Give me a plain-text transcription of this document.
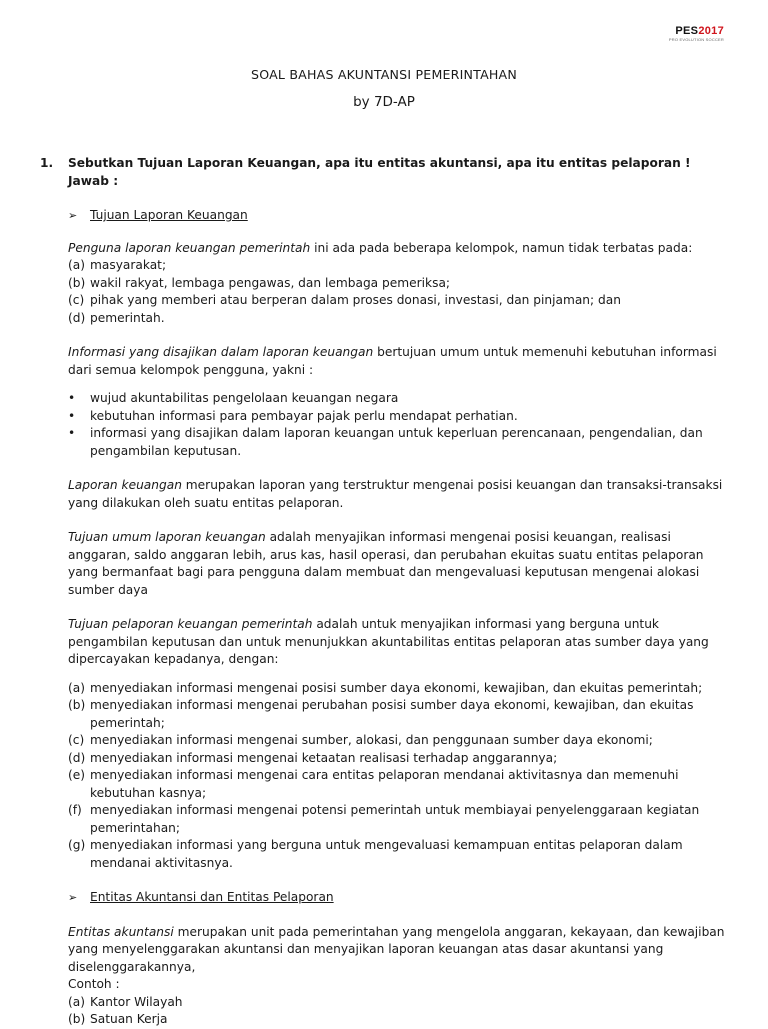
PES2017
PRO EVOLUTION SOCCER
SOAL BAHAS AKUNTANSI PEMERINTAHAN
by 7D-AP
1.	Sebutkan Tujuan Laporan Keuangan, apa itu entitas akuntansi, apa itu entitas pelaporan !
Jawab :
➢	Tujuan Laporan Keuangan
Penguna laporan keuangan pemerintah ini ada pada beberapa kelompok, namun tidak terbatas pada:
(a) masyarakat;
(b) wakil rakyat, lembaga pengawas, dan lembaga pemeriksa;
(c) pihak yang memberi atau berperan dalam proses donasi, investasi, dan pinjaman; dan
(d) pemerintah.
Informasi yang disajikan dalam laporan keuangan bertujuan umum untuk memenuhi kebutuhan informasi dari semua kelompok pengguna, yakni :
•	wujud akuntabilitas pengelolaan keuangan negara
•	kebutuhan informasi para pembayar pajak perlu mendapat perhatian.
•	informasi yang disajikan dalam laporan keuangan untuk keperluan perencanaan, pengendalian, dan pengambilan keputusan.
Laporan keuangan merupakan laporan yang terstruktur mengenai posisi keuangan dan transaksi-transaksi yang dilakukan oleh suatu entitas pelaporan.
Tujuan umum laporan keuangan adalah menyajikan informasi mengenai posisi keuangan, realisasi anggaran, saldo anggaran lebih, arus kas, hasil operasi, dan perubahan ekuitas suatu entitas pelaporan yang bermanfaat bagi para pengguna dalam membuat dan mengevaluasi keputusan mengenai alokasi sumber daya
Tujuan pelaporan keuangan pemerintah adalah untuk menyajikan informasi yang berguna untuk pengambilan keputusan dan untuk menunjukkan akuntabilitas entitas pelaporan atas sumber daya yang dipercayakan kepadanya, dengan:
(a) menyediakan informasi mengenai posisi sumber daya ekonomi, kewajiban, dan ekuitas pemerintah;
(b) menyediakan informasi mengenai perubahan posisi sumber daya ekonomi, kewajiban, dan ekuitas pemerintah;
(c) menyediakan informasi mengenai sumber, alokasi, dan penggunaan sumber daya ekonomi;
(d) menyediakan informasi mengenai ketaatan realisasi terhadap anggarannya;
(e) menyediakan informasi mengenai cara entitas pelaporan mendanai aktivitasnya dan memenuhi kebutuhan kasnya;
(f) menyediakan informasi mengenai potensi pemerintah untuk membiayai penyelenggaraan kegiatan pemerintahan;
(g) menyediakan informasi yang berguna untuk mengevaluasi kemampuan entitas pelaporan dalam mendanai aktivitasnya.
➢	Entitas Akuntansi dan Entitas Pelaporan
Entitas akuntansi merupakan unit pada pemerintahan yang mengelola anggaran, kekayaan, dan kewajiban yang menyelenggarakan akuntansi dan menyajikan laporan keuangan atas dasar akuntansi yang diselenggarakannya,
Contoh :
(a) Kantor Wilayah
(b) Satuan Kerja
